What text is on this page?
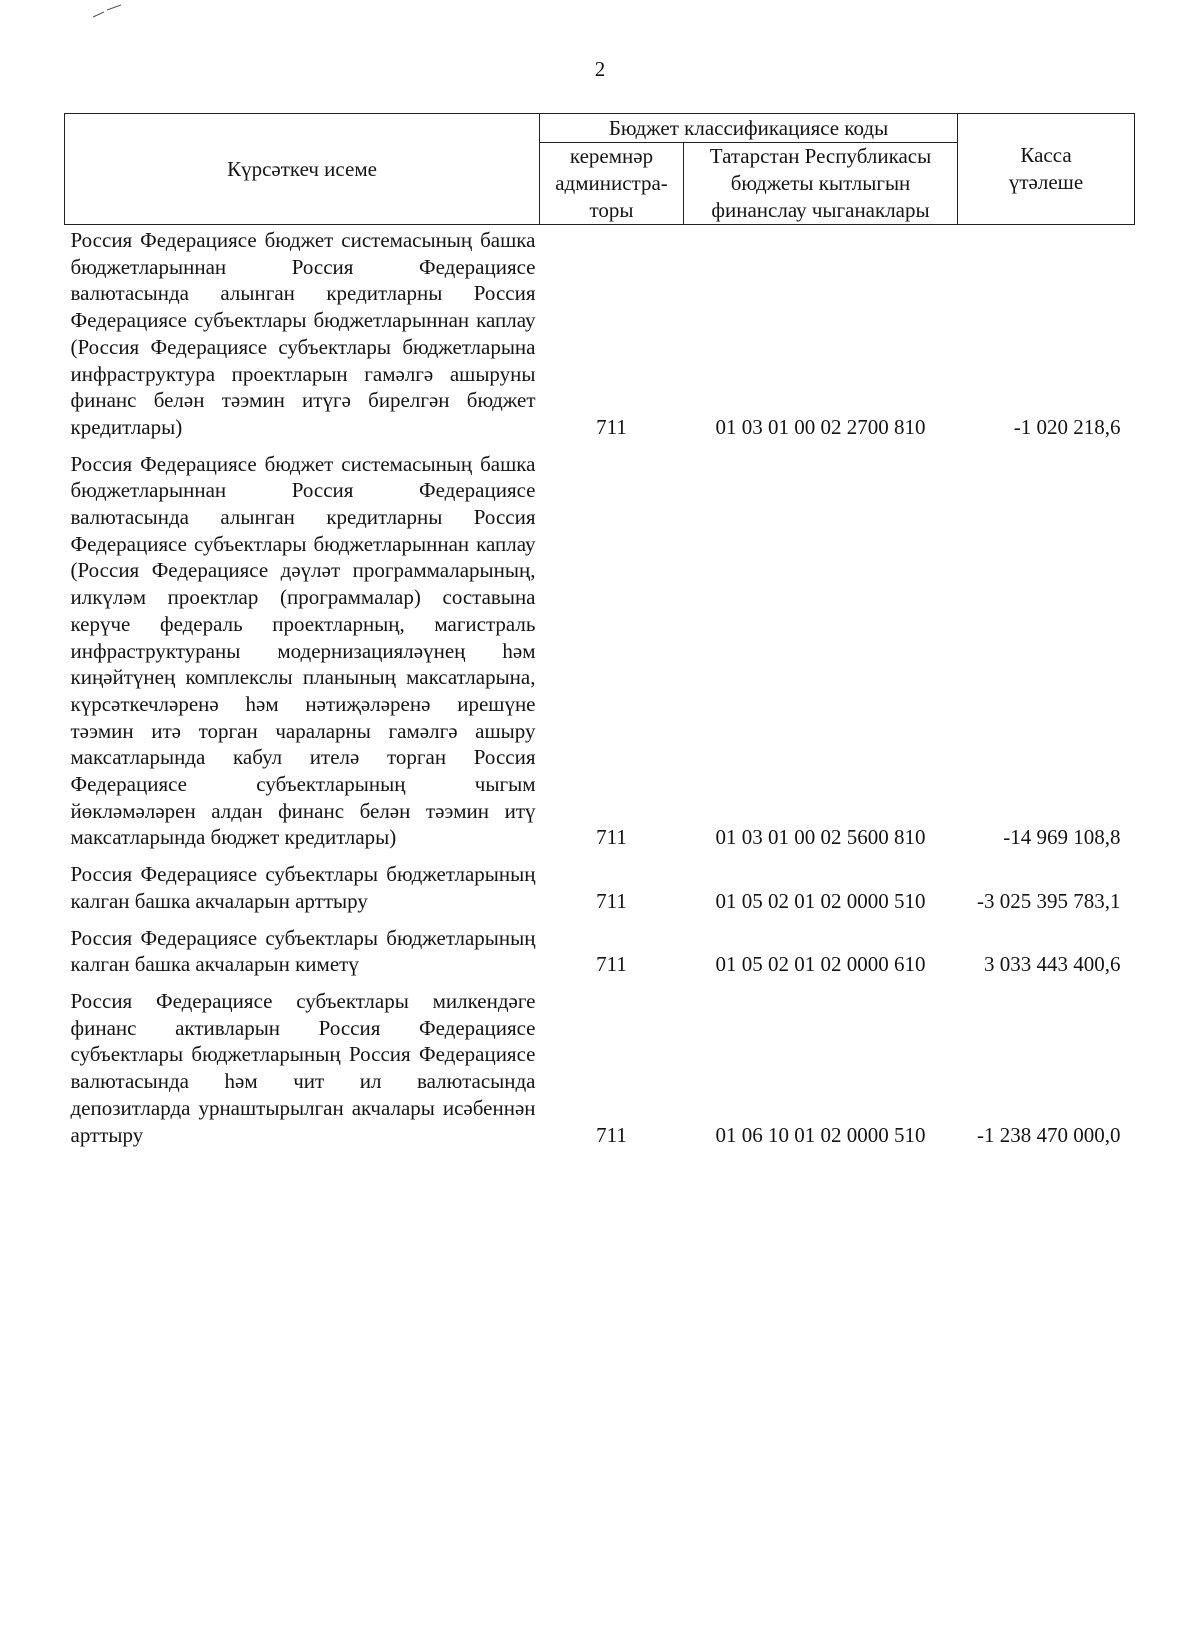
2
Күрсәткеч исеме	Бюджет классификациясе коды		Касса үтәлеше
	керемнәр администра-торы	Татарстан Республикасы бюджеты кытлыгын финанслау чыганаклары	
Россия Федерациясе бюджет системасының башка бюджетларыннан Россия Федерациясе валютасында алынган кредитларны Россия Федерациясе субъектлары бюджетларыннан каплау (Россия Федерациясе субъектлары бюджетларына инфраструктура проектларын гамәлгә ашыруны финанс белән тәэмин итүгә бирелгән бюджет кредитлары)	711	01 03 01 00 02 2700 810	-1 020 218,6
Россия Федерациясе бюджет системасының башка бюджетларыннан Россия Федерациясе валютасында алынган кредитларны Россия Федерациясе субъектлары бюджетларыннан каплау (Россия Федерациясе дәүләт программаларының, илкүләм проектлар (программалар) составына керүче федераль проектларның, магистраль инфраструктураны модернизацияләүнең һәм киңәйтүнең комплекслы планының максатларына, күрсәткечләренә һәм нәтиҗәләренә ирешүне тәэмин итә торган чараларны гамәлгә ашыру максатларында кабул ителә торган Россия Федерациясе субъектларының чыгым йөкләмәләрен алдан финанс белән тәэмин итү максатларында бюджет кредитлары)	711	01 03 01 00 02 5600 810	-14 969 108,8
Россия Федерациясе субъектлары бюджетларының калган башка акчаларын арттыру	711	01 05 02 01 02 0000 510	-3 025 395 783,1
Россия Федерациясе субъектлары бюджетларының калган башка акчаларын киметү	711	01 05 02 01 02 0000 610	3 033 443 400,6
Россия Федерациясе субъектлары милкендәге финанс активларын Россия Федерациясе субъектлары бюджетларының Россия Федерациясе валютасында һәм чит ил валютасында депозитларда урнаштырылган акчалары исәбеннән арттыру	711	01 06 10 01 02 0000 510	-1 238 470 000,0
